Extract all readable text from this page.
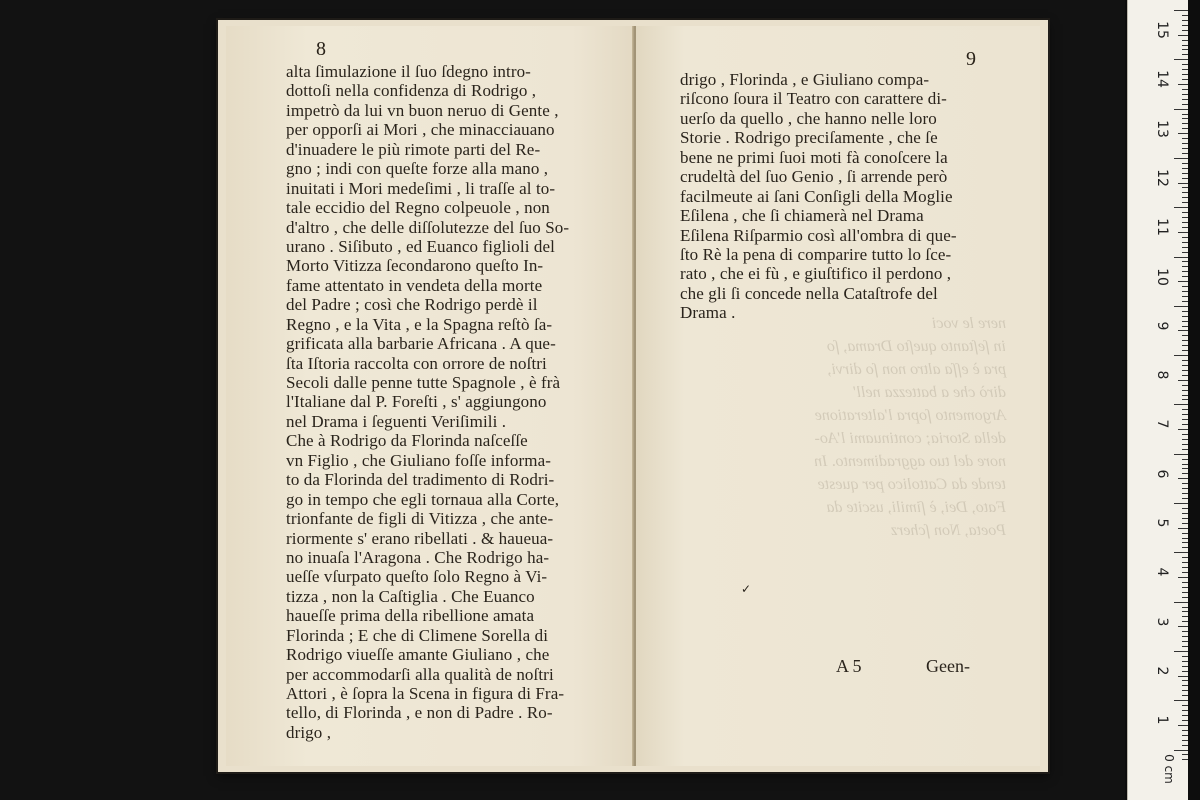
8
alta ſimulazione il ſuo ſdegno intro-
dottoſi nella confidenza di Rodrigo ,
impetrò da lui vn buon neruo di Gente ,
per opporſi ai Mori , che minacciauano
d'inuadere le più rimote parti del Re-
gno ; indi con queſte forze alla mano ,
inuitati i Mori medeſimi , li traſſe al to-
tale eccidio del Regno colpeuole , non
d'altro , che delle diſſolutezze del ſuo So-
urano . Siſibuto , ed Euanco figlioli del
Morto Vitizza ſecondarono queſto In-
fame attentato in vendeta della morte
del Padre ; così che Rodrigo perdè il
Regno , e la Vita , e la Spagna reſtò ſa-
grificata alla barbarie Africana . A que-
ſta Iſtoria raccolta con orrore de noſtri
Secoli dalle penne tutte Spagnole , è frà
l'Italiane dal P. Foreſti , s' aggiungono
nel Drama i ſeguenti Veriſimili .
Che à Rodrigo da Florinda naſceſſe
vn Figlio , che Giuliano foſſe informa-
to da Florinda del tradimento di Rodri-
go in tempo che egli tornaua alla Corte,
trionfante de figli di Vitizza , che ante-
riormente s' erano ribellati . & haueua-
no inuaſa l'Aragona . Che Rodrigo ha-
ueſſe vſurpato queſto ſolo Regno à Vi-
tizza , non la Caſtiglia . Che Euanco
haueſſe prima della ribellione amata
Florinda ; E che di Climene Sorella di
Rodrigo viueſſe amante Giuliano , che
per accommodarſi alla qualità de noſtri
Attori , è ſopra la Scena in figura di Fra-
tello, di Florinda , e non di Padre . Ro-
drigo ,
9
drigo , Florinda , e Giuliano compa-
riſcono ſoura il Teatro con carattere di-
uerſo da quello , che hanno nelle loro
Storie . Rodrigo preciſamente , che ſe
bene ne primi ſuoi moti fà conoſcere la
crudeltà del ſuo Genio , ſi arrende però
facilmeute ai ſani Conſigli della Moglie
Eſilena , che ſi chiamerà nel Drama
Eſilena Riſparmio così all'ombra di que-
ſto Rè la pena di comparire tutto lo ſce-
rato , che ei fù , e giuſtifico il perdono ,
che gli ſi concede nella Cataſtrofe del
Drama .
nere le voci
in ſeſtanto queſto Drama, ſo
pra è eſſa altro non ſo dirvi,
dirò che a battezza nell'
Argomento ſopra l'alteratione
della Storia; continuami l'Ao-
nore del tuo aggradimento. In
tende da Cattolico per queste
Fato, Dei, è ſimili, uscite da
Poeta, Non ſcherz
✓
A 5	Geen-
15
14
13
12
11
10
9
8
7
6
5
4
3
2
1
0 cm
